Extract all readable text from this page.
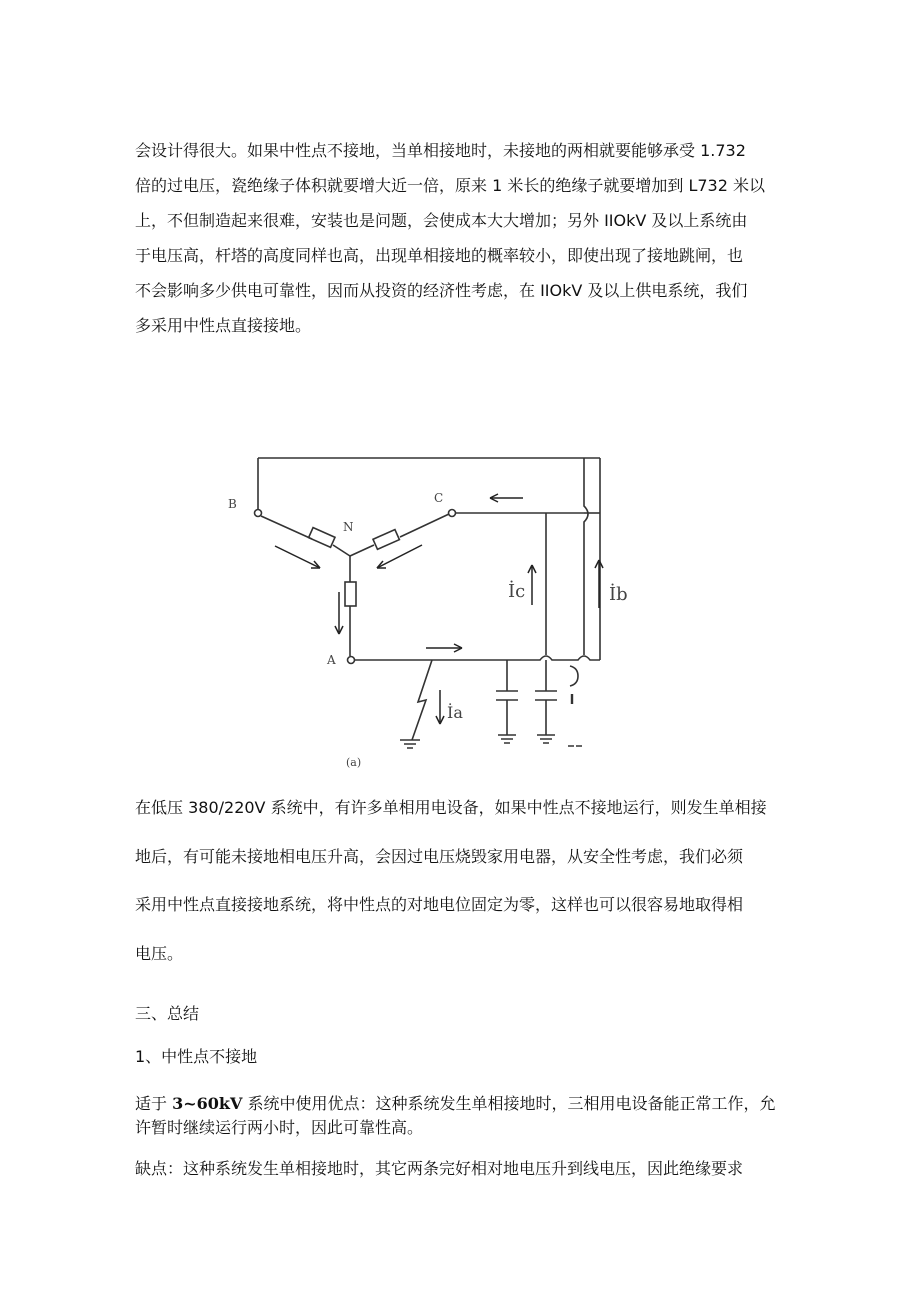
会设计得很大。如果中性点不接地，当单相接地时，未接地的两相就要能够承受 1.732
倍的过电压，瓷绝缘子体积就要增大近一倍，原来 1 米长的绝缘子就要增加到 L732 米以
上，不但制造起来很难，安装也是问题，会使成本大大增加；另外 IIOkV 及以上系统由
于电压高，杆塔的高度同样也高，出现单相接地的概率较小，即使出现了接地跳闸，也
不会影响多少供电可靠性，因而从投资的经济性考虑，在 IIOkV 及以上供电系统，我们
多采用中性点直接接地。
B	C
N
A
İc	İb
İa
(a)
在低压 380/220V 系统中，有许多单相用电设备，如果中性点不接地运行，则发生单相接
地后，有可能未接地相电压升高，会因过电压烧毁家用电器，从安全性考虑，我们必须
采用中性点直接接地系统，将中性点的对地电位固定为零，这样也可以很容易地取得相
电压。

三、总结

1、中性点不接地

适于 3~60kV 系统中使用优点：这种系统发生单相接地时，三相用电设备能正常工作，允
许暂时继续运行两小时，因此可靠性高。
缺点：这种系统发生单相接地时，其它两条完好相对地电压升到线电压，因此绝缘要求
